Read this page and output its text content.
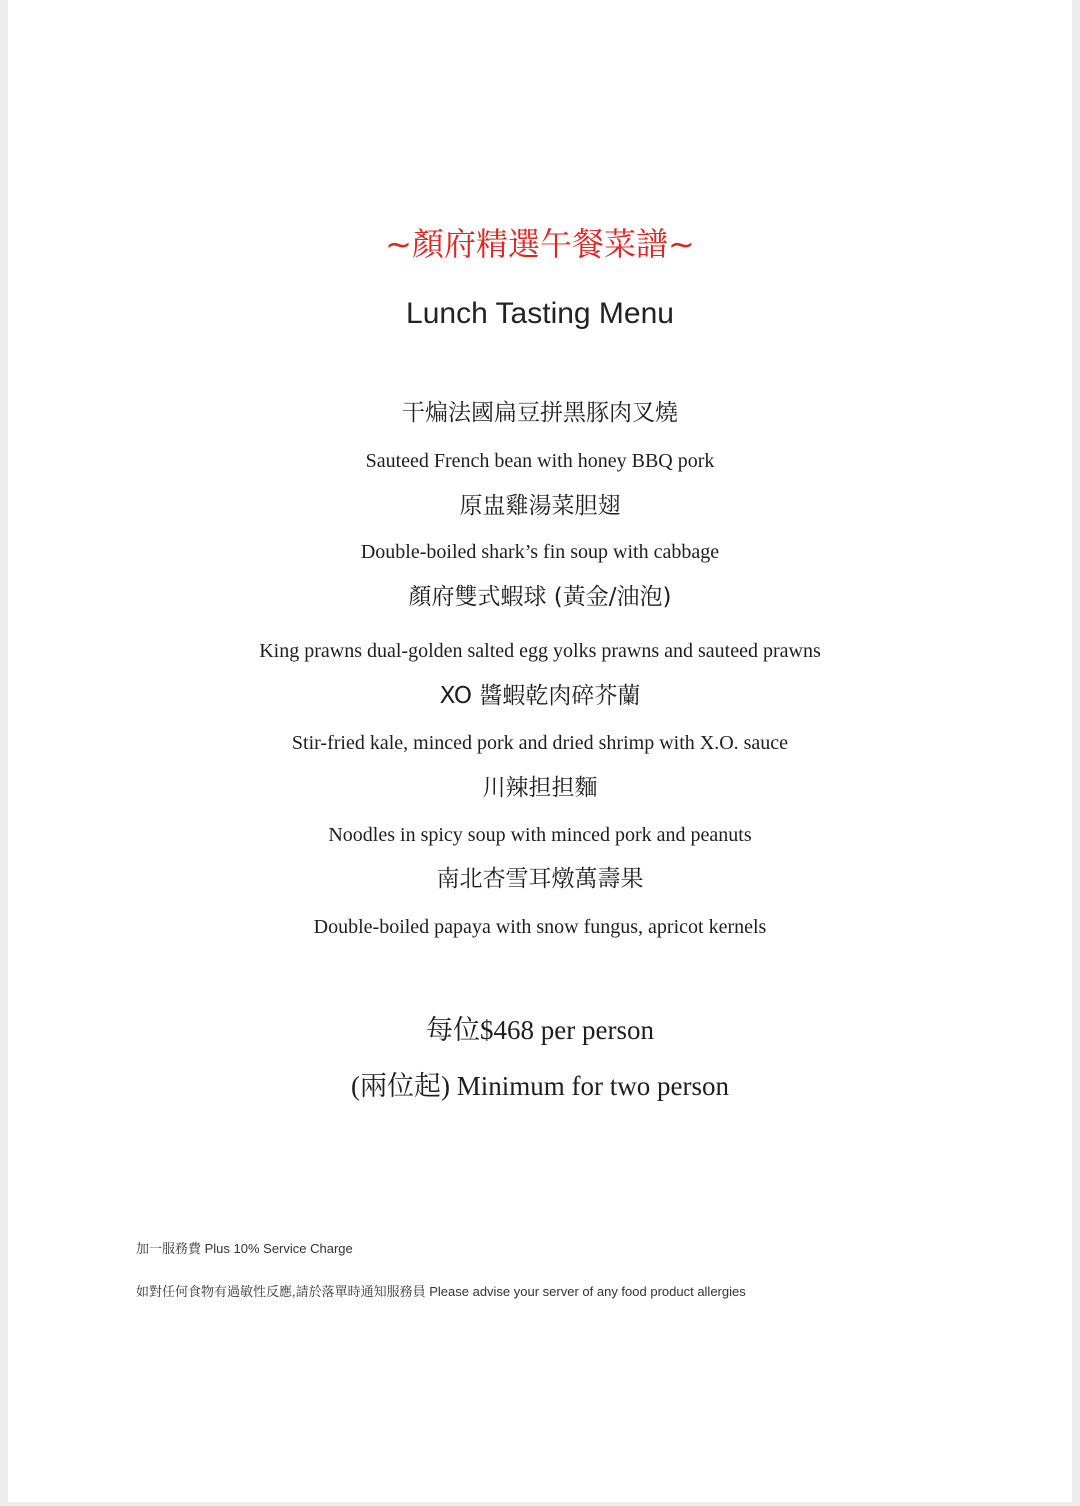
~顏府精選午餐菜譜~
Lunch Tasting Menu
干煸法國扁豆拼黑豚肉叉燒
Sauteed French bean with honey BBQ pork
原盅雞湯菜胆翅
Double-boiled shark’s fin soup with cabbage
顏府雙式蝦球 (黃金/油泡)
King prawns dual-golden salted egg yolks prawns and sauteed prawns
XO 醬蝦乾肉碎芥蘭
Stir-fried kale, minced pork and dried shrimp with X.O. sauce
川辣担担麵
Noodles in spicy soup with minced pork and peanuts
南北杏雪耳燉萬壽果
Double-boiled papaya with snow fungus, apricot kernels
每位$468 per person
(兩位起) Minimum for two person
加一服務費 Plus 10% Service Charge
如對任何食物有過敏性反應,請於落單時通知服務員 Please advise your server of any food product allergies
